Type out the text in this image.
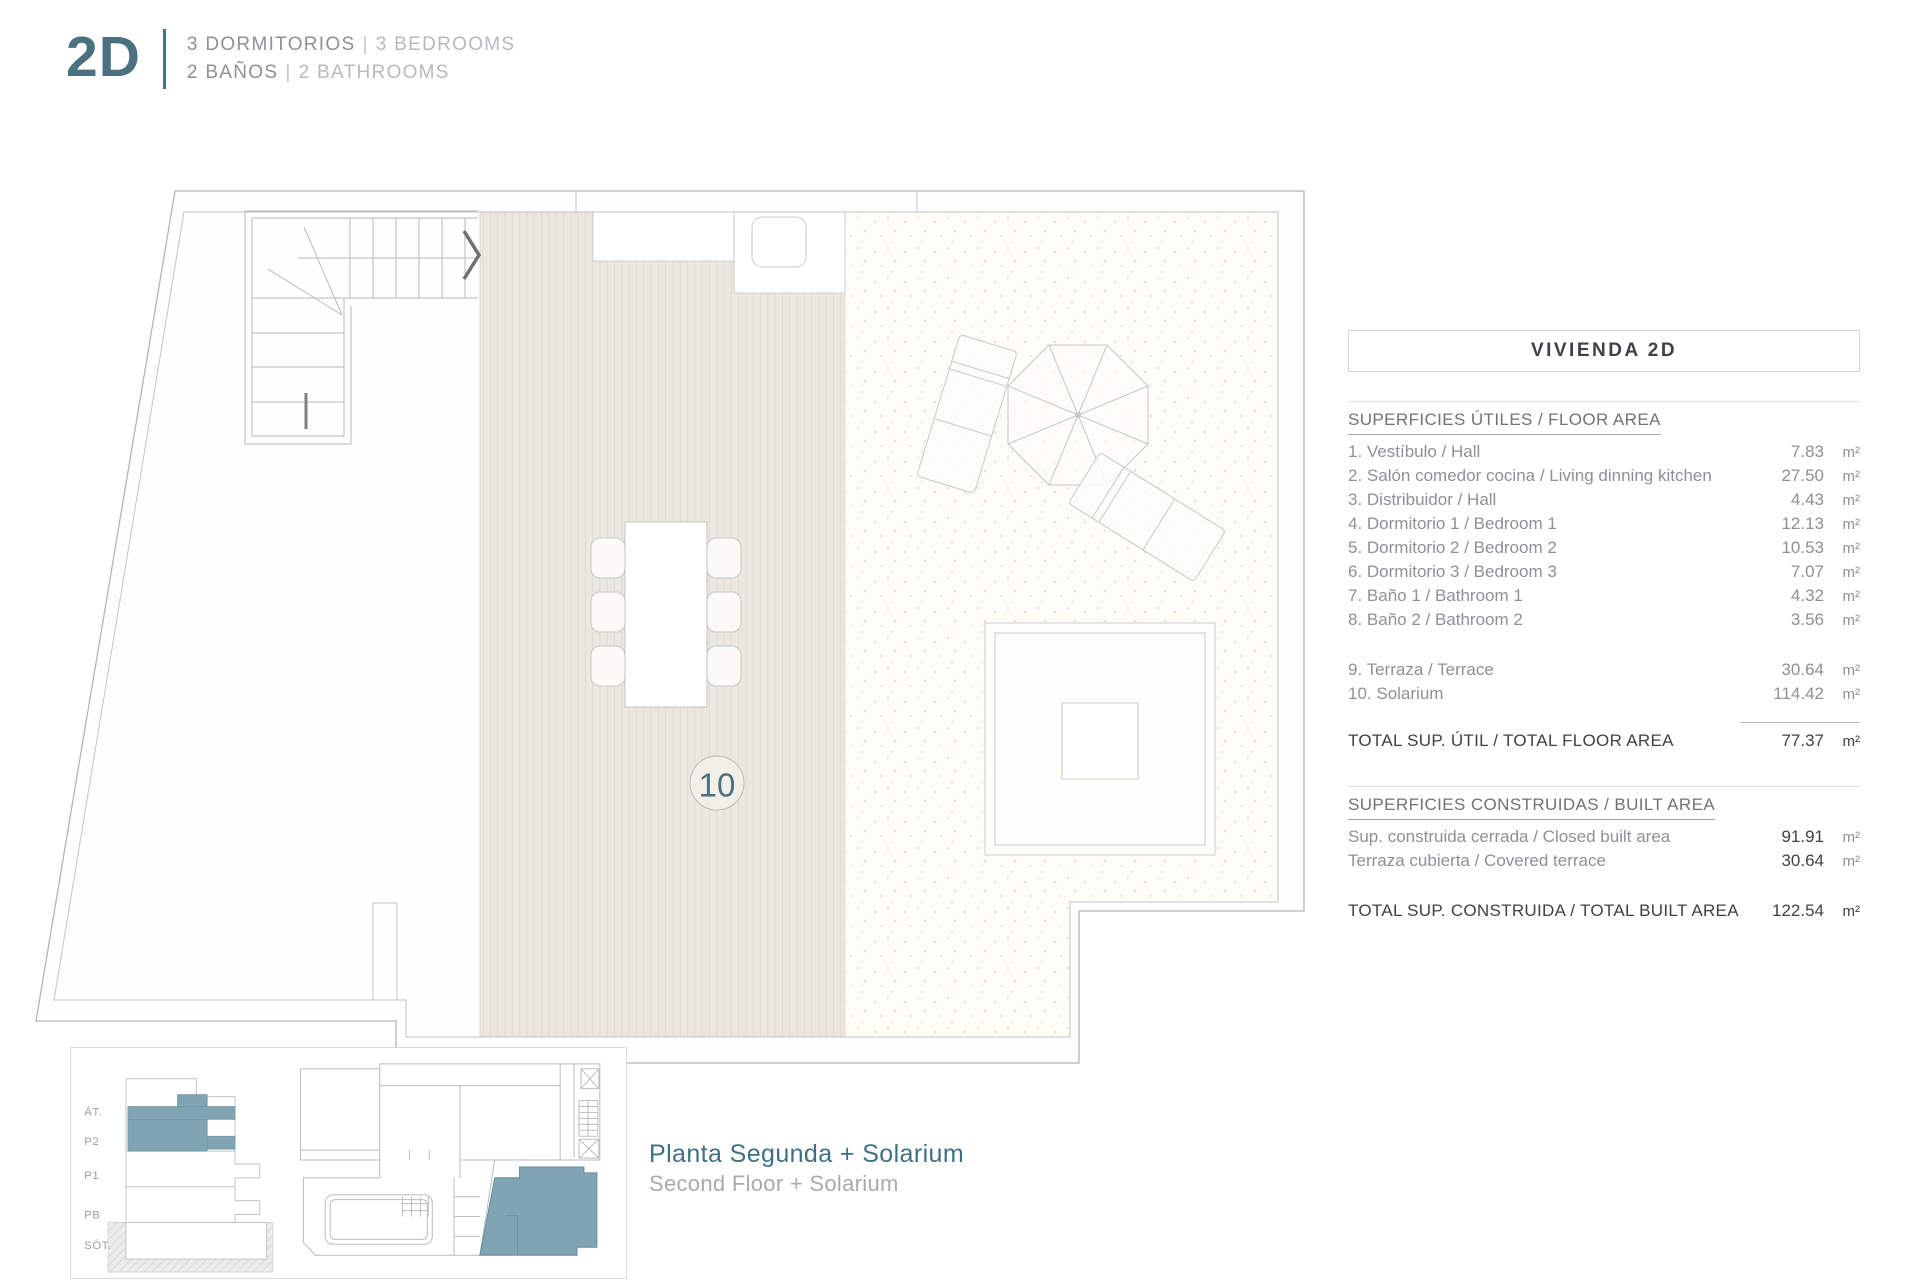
2D 3 DORMITORIOS | 3 BEDROOMS
2 BAÑOS | 2 BATHROOMS
10
VIVIENDA 2D
SUPERFICIES ÚTILES / FLOOR AREA
1. Vestíbulo / Hall	7.83	m²
2. Salón comedor cocina / Living dinning kitchen	27.50	m²
3. Distribuidor / Hall	4.43	m²
4. Dormitorio 1 / Bedroom 1	12.13	m²
5. Dormitorio 2 / Bedroom 2	10.53	m²
6. Dormitorio 3 / Bedroom 3	7.07	m²
7. Baño 1 / Bathroom 1	4.32	m²
8. Baño 2 / Bathroom 2	3.56	m²
9. Terraza / Terrace	30.64	m²
10. Solarium	114.42	m²
TOTAL SUP. ÚTIL / TOTAL FLOOR AREA	77.37	m²
SUPERFICIES CONSTRUIDAS / BUILT AREA
Sup. construida cerrada / Closed built area	91.91	m²
Terraza cubierta / Covered terrace	30.64	m²
TOTAL SUP. CONSTRUIDA / TOTAL BUILT AREA	122.54	m²
ÁT.
P2
P1
PB
SÓT.
Planta Segunda + Solarium
Second Floor + Solarium
